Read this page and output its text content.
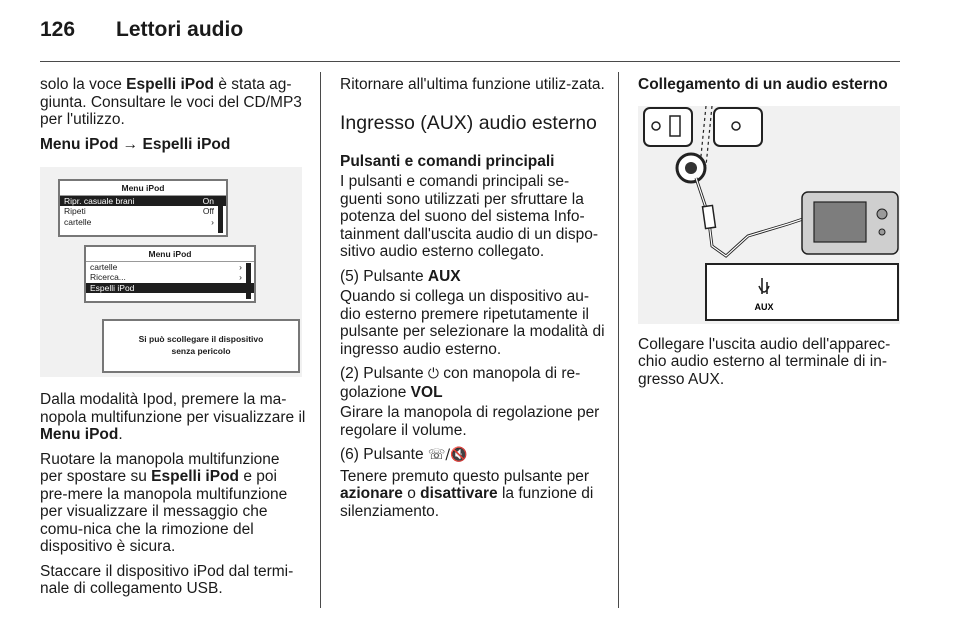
126 Lettori audio

solo la voce Espelli iPod è stata ag-giunta. Consultare le voci del CD/MP3 per l'utilizzo.

Menu iPod → Espelli iPod

Menu iPod
Ripr. casuale brani	On
Ripeti	Off
cartelle	›
Menu iPod
cartelle	›
Ricerca...	›
Espelli iPod
Si può scollegare il dispositivo
senza pericolo

Dalla modalità Ipod, premere la ma-nopola multifunzione per visualizzare il Menu iPod.

Ruotare la manopola multifunzione per spostare su Espelli iPod e poi pre-mere la manopola multifunzione per visualizzare il messaggio che comu-nica che la rimozione del dispositivo è sicura.

Staccare il dispositivo iPod dal termi-nale di collegamento USB.

Ritornare all'ultima funzione utiliz-zata.

Ingresso (AUX) audio esterno

Pulsanti e comandi principali

I pulsanti e comandi principali se-guenti sono utilizzati per sfruttare la potenza del suono del sistema Info-tainment dall'uscita audio di un dispo-sitivo audio esterno collegato.

(5) Pulsante AUX

Quando si collega un dispositivo au-dio esterno premere ripetutamente il pulsante per selezionare la modalità di ingresso audio esterno.

(2) Pulsante ⏻ con manopola di re-golazione VOL

Girare la manopola di regolazione per regolare il volume.

(6) Pulsante ☏/🔇

Tenere premuto questo pulsante per azionare o disattivare la funzione di silenziamento.

Collegamento di un audio esterno

AUX

Collegare l'uscita audio dell'apparec-chio audio esterno al terminale di in-gresso AUX.
